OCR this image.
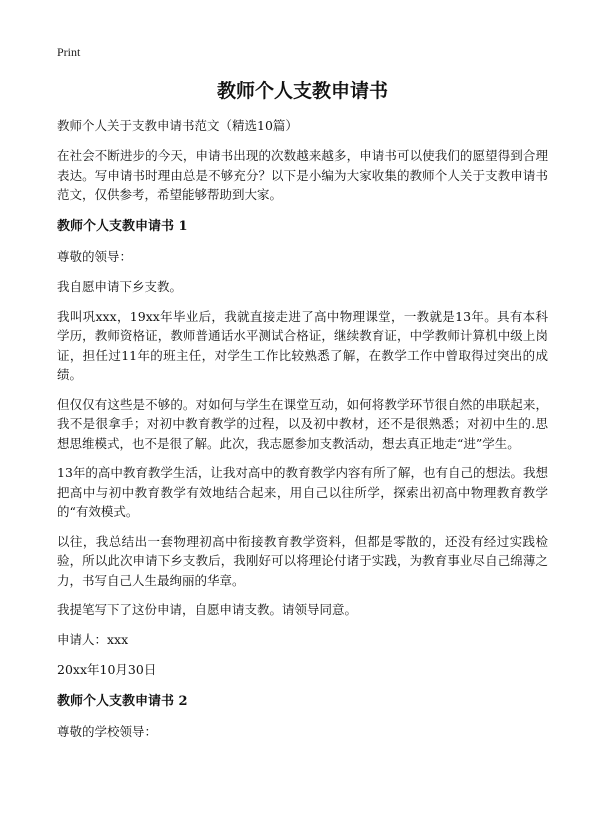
Print

教师个人支教申请书

教师个人关于支教申请书范文（精选10篇）

在社会不断进步的今天，申请书出现的次数越来越多，申请书可以使我们的愿望得到合理表达。写申请书时理由总是不够充分？以下是小编为大家收集的教师个人关于支教申请书范文，仅供参考，希望能够帮助到大家。

教师个人支教申请书 1

尊敬的领导：

我自愿申请下乡支教。

我叫巩xxx，19xx年毕业后，我就直接走进了高中物理课堂，一教就是13年。具有本科学历，教师资格证，教师普通话水平测试合格证，继续教育证，中学教师计算机中级上岗证，担任过11年的班主任，对学生工作比较熟悉了解，在教学工作中曾取得过突出的成绩。

但仅仅有这些是不够的。对如何与学生在课堂互动，如何将教学环节很自然的串联起来，我不是很拿手；对初中教育教学的过程，以及初中教材，还不是很熟悉；对初中生的.思想思维模式，也不是很了解。此次，我志愿参加支教活动，想去真正地走“进”学生。

13年的高中教育教学生活，让我对高中的教育教学内容有所了解，也有自己的想法。我想把高中与初中教育教学有效地结合起来，用自己以往所学，探索出初高中物理教育教学的“有效模式。

以往，我总结出一套物理初高中衔接教育教学资料，但都是零散的，还没有经过实践检验，所以此次申请下乡支教后，我刚好可以将理论付诸于实践，为教育事业尽自己绵薄之力，书写自己人生最绚丽的华章。

我提笔写下了这份申请，自愿申请支教。请领导同意。

申请人：xxx

20xx年10月30日

教师个人支教申请书 2

尊敬的学校领导：
